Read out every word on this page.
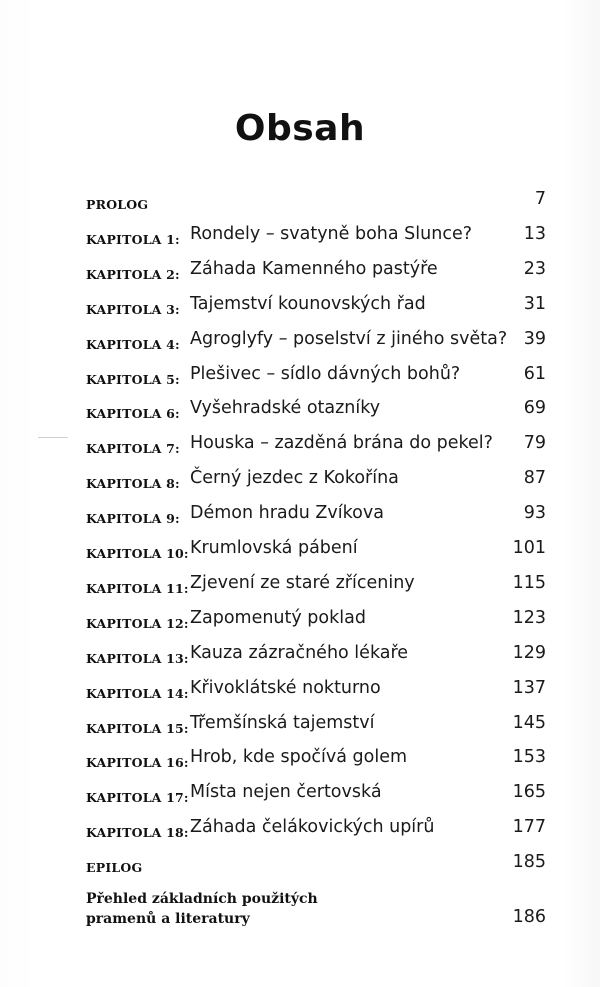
Obsah
PROLOG	7
KAPITOLA 1: Rondely – svatyně boha Slunce?	13
KAPITOLA 2: Záhada Kamenného pastýře	23
KAPITOLA 3: Tajemství kounovských řad	31
KAPITOLA 4: Agroglyfy – poselství z jiného světa? 39
KAPITOLA 5: Plešivec – sídlo dávných bohů?	61
KAPITOLA 6: Vyšehradské otazníky	69
KAPITOLA 7: Houska – zazděná brána do pekel? 79
KAPITOLA 8: Černý jezdec z Kokořína	87
KAPITOLA 9: Démon hradu Zvíkova	93
KAPITOLA 10: Krumlovská pábení	101
KAPITOLA 11: Zjevení ze staré zříceniny	115
KAPITOLA 12: Zapomenutý poklad	123
KAPITOLA 13: Kauza zázračného lékaře	129
KAPITOLA 14: Křivoklátské nokturno	137
KAPITOLA 15: Třemšínská tajemství	145
KAPITOLA 16: Hrob, kde spočívá golem	153
KAPITOLA 17: Místa nejen čertovská	165
KAPITOLA 18: Záhada čelákovických upírů	177
EPILOG	185
Přehled základních použitých pramenů a literatury	186
